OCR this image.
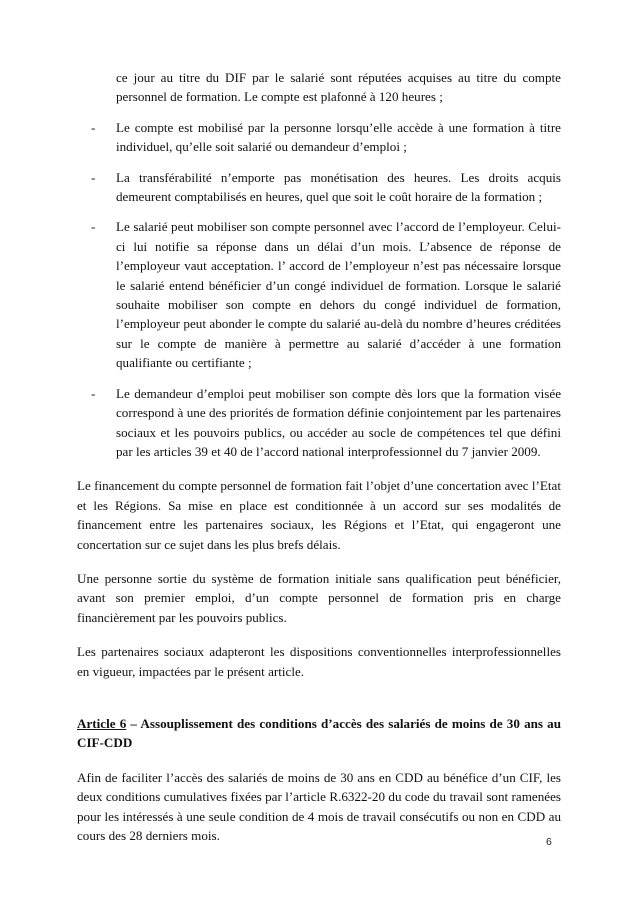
ce jour au titre du DIF par le salarié sont réputées acquises au titre du compte personnel de formation. Le compte est plafonné à 120 heures ;
- Le compte est mobilisé par la personne lorsqu’elle accède à une formation à titre individuel, qu’elle soit salarié ou demandeur d’emploi ;
- La transférabilité n’emporte pas monétisation des heures. Les droits acquis demeurent comptabilisés en heures, quel que soit le coût horaire de la formation ;
- Le salarié peut mobiliser son compte personnel avec l’accord de l’employeur. Celui-ci lui notifie sa réponse dans un délai d’un mois. L’absence de réponse de l’employeur vaut acceptation. l’ accord de l’employeur n’est pas nécessaire lorsque le salarié entend bénéficier d’un congé individuel de formation. Lorsque le salarié souhaite mobiliser son compte en dehors du congé individuel de formation, l’employeur peut abonder le compte du salarié au-delà du nombre d’heures créditées sur le compte de manière à permettre au salarié d’accéder à une formation qualifiante ou certifiante ;
- Le demandeur d’emploi peut mobiliser son compte dès lors que la formation visée correspond à une des priorités de formation définie conjointement par les partenaires sociaux et les pouvoirs publics, ou accéder au socle de compétences tel que défini par les articles 39 et 40 de l’accord national interprofessionnel du 7 janvier 2009.

Le financement du compte personnel de formation fait l’objet d’une concertation avec l’Etat et les Régions. Sa mise en place est conditionnée à un accord sur ses modalités de financement entre les partenaires sociaux, les Régions et l’Etat, qui engageront une concertation sur ce sujet dans les plus brefs délais.

Une personne sortie du système de formation initiale sans qualification peut bénéficier, avant son premier emploi, d’un compte personnel de formation pris en charge financièrement par les pouvoirs publics.

Les partenaires sociaux adapteront les dispositions conventionnelles interprofessionnelles en vigueur, impactées par le présent article.

Article 6 – Assouplissement des conditions d’accès des salariés de moins de 30 ans au CIF-CDD

Afin de faciliter l’accès des salariés de moins de 30 ans en CDD au bénéfice d’un CIF, les deux conditions cumulatives fixées par l’article R.6322-20 du code du travail sont ramenées pour les intéressés à une seule condition de 4 mois de travail consécutifs ou non en CDD au cours des 28 derniers mois.	6
